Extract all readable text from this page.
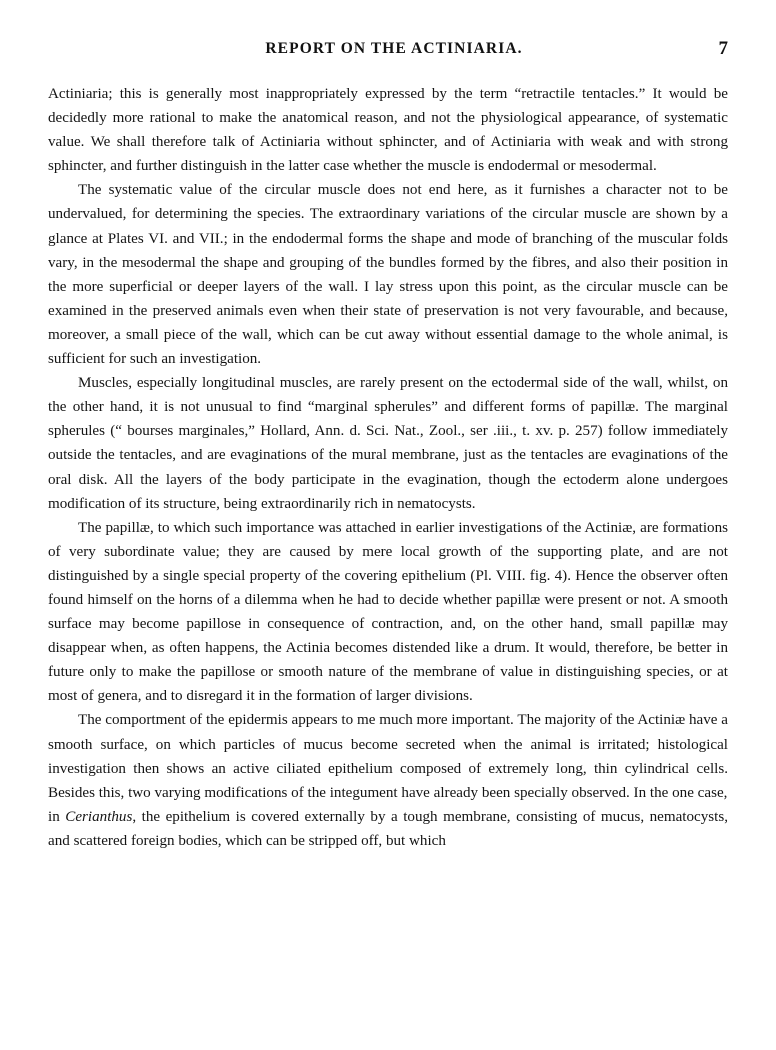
REPORT ON THE ACTINIARIA.	7

Actiniaria; this is generally most inappropriately expressed by the term “retractile tentacles.” It would be decidedly more rational to make the anatomical reason, and not the physiological appearance, of systematic value. We shall therefore talk of Actiniaria without sphincter, and of Actiniaria with weak and with strong sphincter, and further distinguish in the latter case whether the muscle is endodermal or mesodermal.

The systematic value of the circular muscle does not end here, as it furnishes a character not to be undervalued, for determining the species. The extraordinary variations of the circular muscle are shown by a glance at Plates VI. and VII.; in the endodermal forms the shape and mode of branching of the muscular folds vary, in the mesodermal the shape and grouping of the bundles formed by the fibres, and also their position in the more superficial or deeper layers of the wall. I lay stress upon this point, as the circular muscle can be examined in the preserved animals even when their state of preservation is not very favourable, and because, moreover, a small piece of the wall, which can be cut away without essential damage to the whole animal, is sufficient for such an investigation.

Muscles, especially longitudinal muscles, are rarely present on the ectodermal side of the wall, whilst, on the other hand, it is not unusual to find “marginal spherules” and different forms of papillæ. The marginal spherules (“ bourses marginales,” Hollard, Ann. d. Sci. Nat., Zool., ser .iii., t. xv. p. 257) follow immediately outside the tentacles, and are evaginations of the mural membrane, just as the tentacles are evaginations of the oral disk. All the layers of the body participate in the evagination, though the ectoderm alone undergoes modification of its structure, being extraordinarily rich in nematocysts.

The papillæ, to which such importance was attached in earlier investigations of the Actiniæ, are formations of very subordinate value; they are caused by mere local growth of the supporting plate, and are not distinguished by a single special property of the covering epithelium (Pl. VIII. fig. 4). Hence the observer often found himself on the horns of a dilemma when he had to decide whether papillæ were present or not. A smooth surface may become papillose in consequence of contraction, and, on the other hand, small papillæ may disappear when, as often happens, the Actinia becomes distended like a drum. It would, therefore, be better in future only to make the papillose or smooth nature of the membrane of value in distinguishing species, or at most of genera, and to disregard it in the formation of larger divisions.

The comportment of the epidermis appears to me much more important. The majority of the Actiniæ have a smooth surface, on which particles of mucus become secreted when the animal is irritated; histological investigation then shows an active ciliated epithelium composed of extremely long, thin cylindrical cells. Besides this, two varying modifications of the integument have already been specially observed. In the one case,

in Cerianthus, the epithelium is covered externally by a tough membrane, consisting of mucus, nematocysts, and scattered foreign bodies, which can be stripped off, but which
